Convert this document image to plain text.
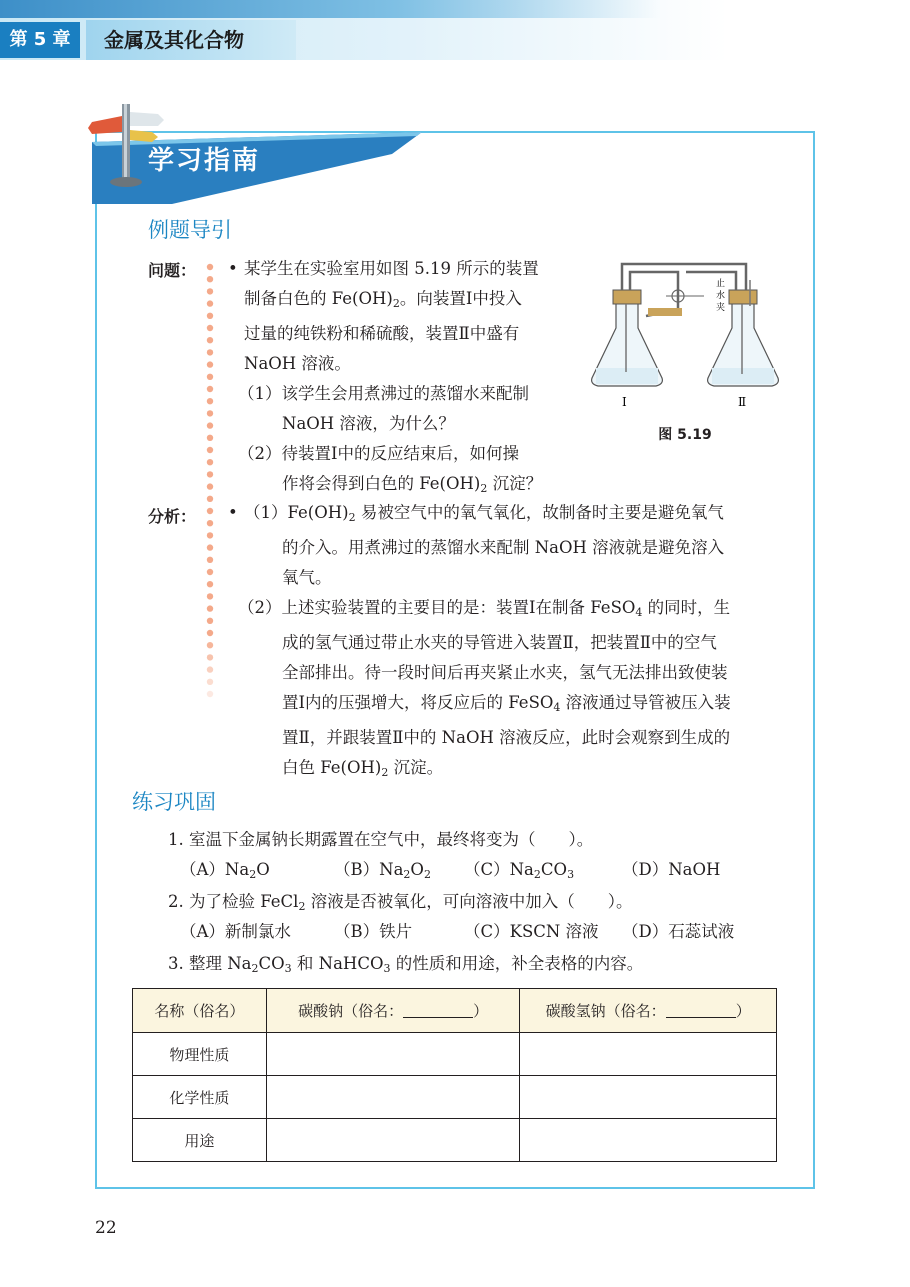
第 5 章	金属及其化合物
学习指南
例题导引
问题： • 某学生在实验室用如图 5.19 所示的装置
制备白色的 $Fe(OH)_2$。向装置Ⅰ中投入
过量的纯铁粉和稀硫酸，装置Ⅱ中盛有
NaOH 溶液。
（1）该学生会用煮沸过的蒸馏水来配制
NaOH 溶液，为什么？
（2）待装置Ⅰ中的反应结束后，如何操
作将会得到白色的 $Fe(OH)_2$ 沉淀？
止
水
夹
Ⅰ	Ⅱ
图 5.19
分析： • $(1)Fe(OH)_2$ 易被空气中的氧气氧化，故制备时主要是避免氧气
的介入。用煮沸过的蒸馏水来配制 NaOH 溶液就是避免溶入
氧气。
（2）上述实验装置的主要目的是：装置Ⅰ在制备 FeSO$_4$ 的同时，生
成的氢气通过带止水夹的导管进入装置Ⅱ，把装置Ⅱ中的空气
全部排出。待一段时间后再夹紧止水夹，氢气无法排出致使装
置Ⅰ内的压强增大，将反应后的 FeSO$_4$ 溶液通过导管被压入装
置Ⅱ，并跟装置Ⅱ中的 NaOH 溶液反应，此时会观察到生成的
白色 $Fe(OH)_2$ 沉淀。
练习巩固
1. 室温下金属钠长期露置在空气中，最终将变为（　　）。
$(A)Na_2O$	$(B)Na_2O_2$ $(C)Na_2CO_3$	（D）NaOH
2. 为了检验 FeCl$_2$ 溶液是否被氧化，可向溶液中加入（　　）。
（A）新制氯水	（B）铁片	（C）KSCN 溶液 （D）石蕊试液
3. 整理 $Na_2CO_3$ 和 NaHCO$_3$ 的性质和用途，补全表格的内容。
名称（俗名）	碳酸钠（俗名： ）	碳酸氢钠（俗名： ）
物理性质		
化学性质		
用途		
22
